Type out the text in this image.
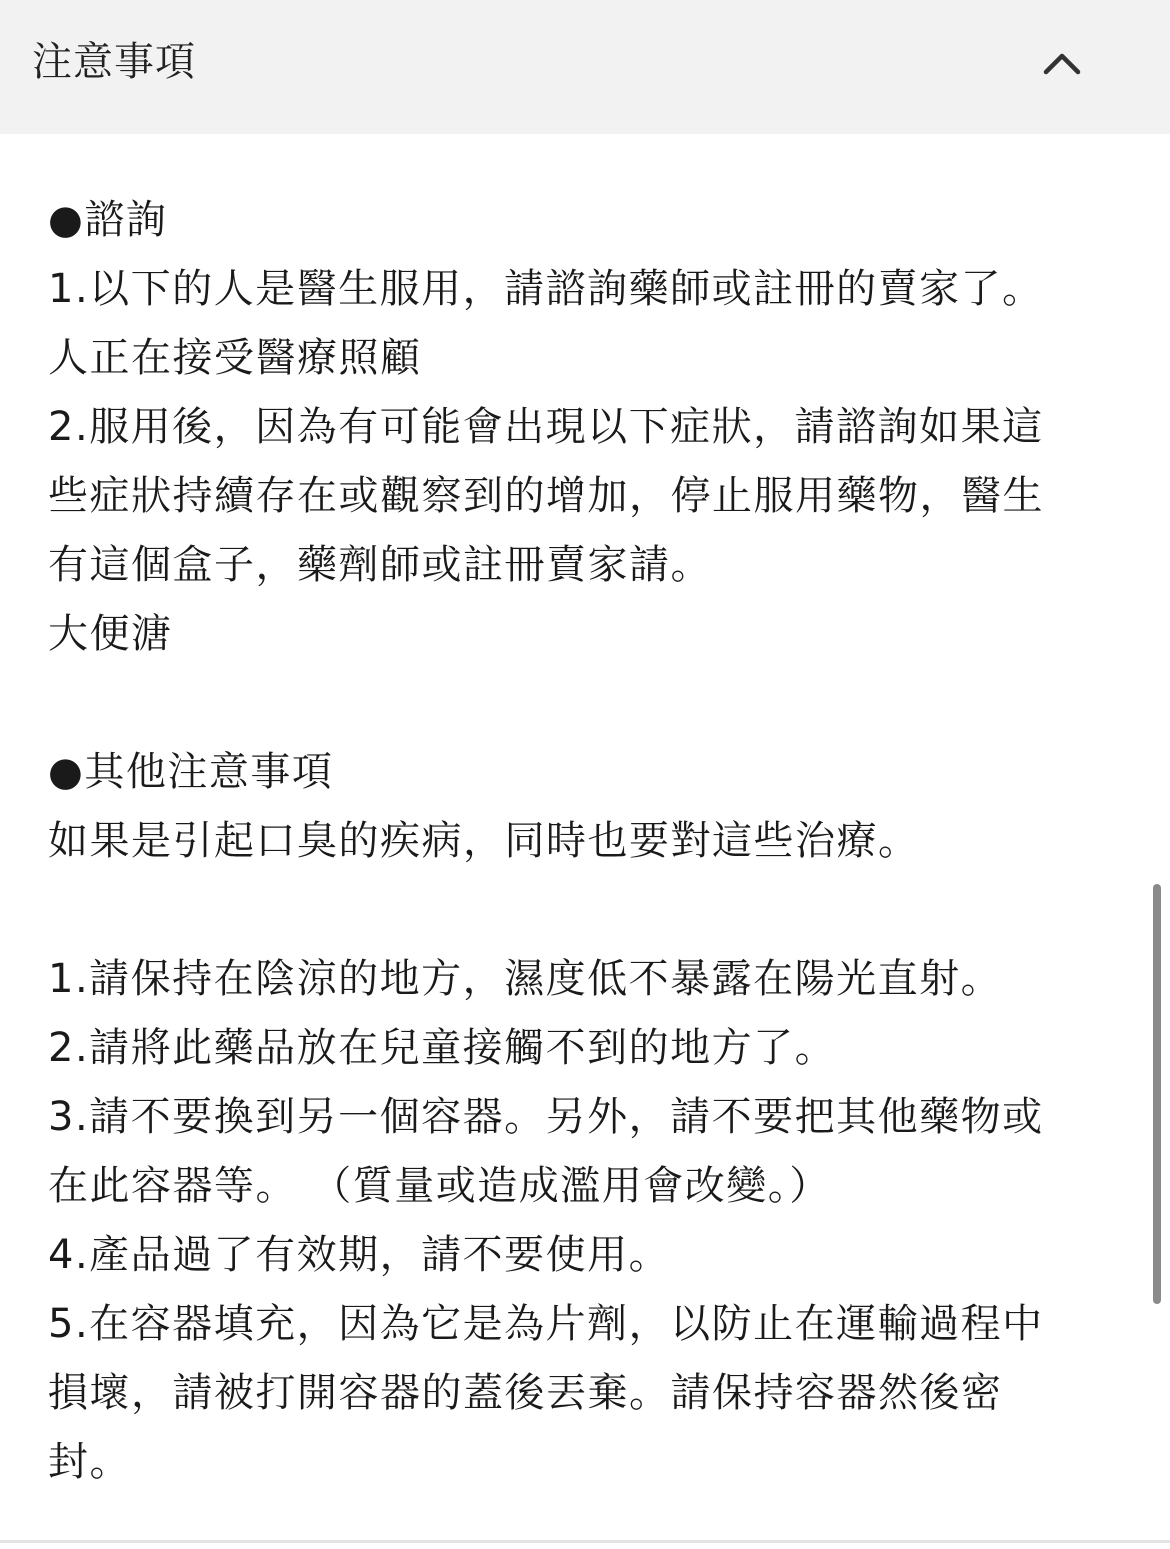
注意事項
●諮詢
1.以下的人是醫生服用，請諮詢藥師或註冊的賣家了。
人正在接受醫療照顧
2.服用後，因為有可能會出現以下症狀，請諮詢如果這
些症狀持續存在或觀察到的增加，停止服用藥物，醫生
有這個盒子，藥劑師或註冊賣家請。
大便溏
●其他注意事項
如果是引起口臭的疾病，同時也要對這些治療。
1.請保持在陰涼的地方，濕度低不暴露在陽光直射。
2.請將此藥品放在兒童接觸不到的地方了。
3.請不要換到另一個容器。另外，請不要把其他藥物或
在此容器等。 （質量或造成濫用會改變。）
4.產品過了有效期，請不要使用。
5.在容器填充，因為它是為片劑，以防止在運輸過程中
損壞，請被打開容器的蓋後丟棄。請保持容器然後密
封。
